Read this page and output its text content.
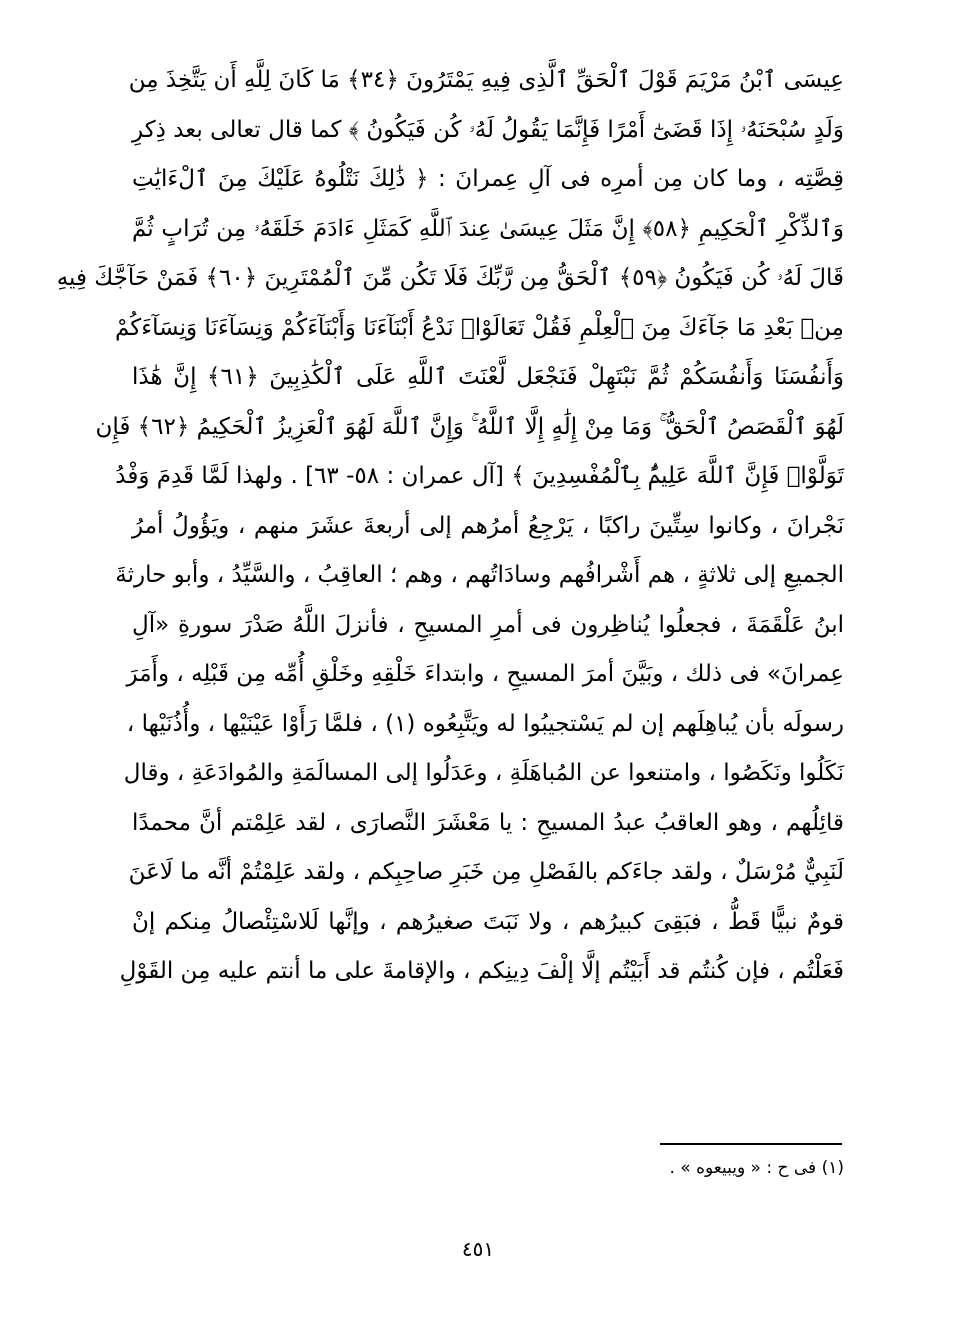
عِيسَى ٱبْنُ مَرْيَمَ قَوْلَ ٱلْحَقِّ ٱلَّذِى فِيهِ يَمْتَرُونَ ﴿٣٤﴾ مَا كَانَ لِلَّهِ أَن يَتَّخِذَ مِن
وَلَدٍ سُبْحَنَهُۥ إِذَا قَضَىٰٓ أَمْرًا فَإِنَّمَا يَقُولُ لَهُۥ كُن فَيَكُونُ ﴾ كما قال تعالى بعد ذِكرِ
قِصَّتِه ، وما كان مِن أمرِه فى آلِ عِمرانَ : ﴿ ذَٰلِكَ نَتْلُوهُ عَلَيْكَ مِنَ ٱلْءَايَٰتِ
وَٱلذِّكْرِ ٱلْحَكِيمِ ﴿٥٨﴾ إِنَّ مَثَلَ عِيسَىٰ عِندَ ٱللَّهِ كَمَثَلِ ءَادَمَ خَلَقَهُۥ مِن تُرَابٍ ثُمَّ
قَالَ لَهُۥ كُن فَيَكُونُ ﴿٥٩﴾ ٱلْحَقُّ مِن رَّبِّكَ فَلَا تَكُن مِّنَ ٱلْمُمْتَرِينَ ﴿٦٠﴾ فَمَنْ حَآجَّكَ فِيهِ
مِنۢ بَعْدِ مَا جَآءَكَ مِنَ ٱلْعِلْمِ فَقُلْ تَعَالَوْا۟ نَدْعُ أَبْنَآءَنَا وَأَبْنَآءَكُمْ وَنِسَآءَنَا وَنِسَآءَكُمْ
وَأَنفُسَنَا وَأَنفُسَكُمْ ثُمَّ نَبْتَهِلْ فَنَجْعَل لَّعْنَتَ ٱللَّهِ عَلَى ٱلْكَٰذِبِينَ ﴿٦١﴾ إِنَّ هَٰذَا
لَهُوَ ٱلْقَصَصُ ٱلْحَقُّ ۚ وَمَا مِنْ إِلَٰهٍ إِلَّا ٱللَّهُ ۚ وَإِنَّ ٱللَّهَ لَهُوَ ٱلْعَزِيزُ ٱلْحَكِيمُ ﴿٦٢﴾ فَإِن
تَوَلَّوْا۟ فَإِنَّ ٱللَّهَ عَلِيمٌۢ بِٱلْمُفْسِدِينَ ﴾ [آل عمران : ٥٨- ٦٣] . ولهذا لَمَّا قَدِمَ وَفْدُ
نَجْرانَ ، وكانوا سِتِّينَ راكبًا ، يَرْجِعُ أمرُهم إلى أربعةَ عشَرَ منهم ، ويَؤُولُ أمرُ
الجميعِ إلى ثلاثةٍ ، هم أَشْرافُهم وسادَاتُهم ، وهم ؛ العاقِبُ ، والسَّيِّدُ ، وأبو حارثةَ
ابنُ عَلْقَمَةَ ، فجعلُوا يُناظِرون فى أمرِ المسيحِ ، فأنزلَ اللَّهُ صَدْرَ سورةِ «آلِ
عِمرانَ» فى ذلك ، وبَيَّنَ أمرَ المسيحِ ، وابتداءَ خَلْقِهِ وخَلْقِ أُمِّه مِن قَبْلِه ، وأَمَرَ
رسولَه بأن يُباهِلَهم إن لم يَسْتجيبُوا له ويَتَّبِعُوه (١) ، فلمَّا رَأَوْا عَيْنَيْها ، وأُذُنَيْها ،
نَكَلُوا ونَكَصُوا ، وامتنعوا عن المُباهَلَةِ ، وعَدَلُوا إلى المسالَمَةِ والمُوادَعَةِ ، وقال
قائِلُهم ، وهو العاقبُ عبدُ المسيحِ : يا مَعْشَرَ النَّصارَى ، لقد عَلِمْتم أنَّ محمدًا
لَنَبِيٌّ مُرْسَلٌ ، ولقد جاءَكم بالفَصْلِ مِن خَبَرِ صاحِبِكم ، ولقد عَلِمْتُمْ أنَّه ما لَاعَنَ
قومٌ نبيًّا قَطُّ ، فبَقِىَ كبيرُهم ، ولا نَبَتَ صغيرُهم ، وإنَّها لَلاسْتِئْصالُ مِنكم إنْ
فَعَلْتُم ، فإن كُنتُم قد أَبَيْتُم إلَّا إلْفَ دِينِكم ، والإقامةَ على ما أنتم عليه مِن القَوْلِ
(١) فى ح : « ويبيعوه » .
٤٥١
